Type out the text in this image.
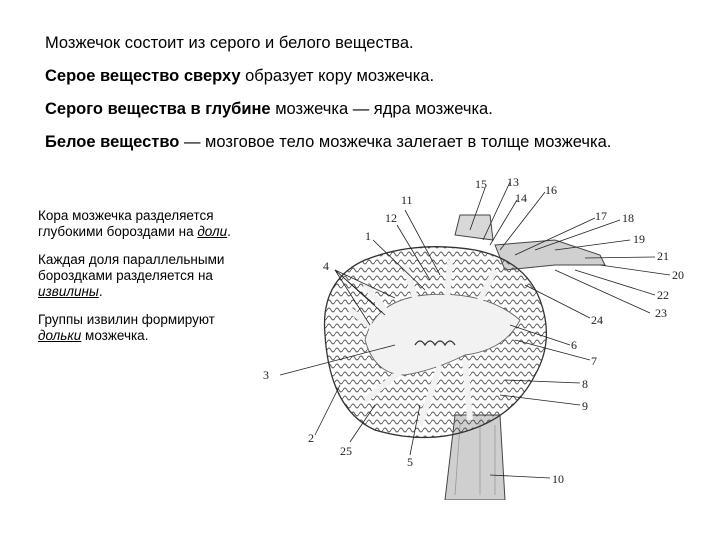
Мозжечок состоит из серого и белого вещества.
Серое вещество сверху образует кору мозжечка.
Серого вещества в глубине мозжечка — ядра мозжечка.
Белое вещество — мозговое тело мозжечка залегает в толще мозжечка.

Кора мозжечка разделяется глубокими бороздами на доли.

Каждая доля параллельными бороздками разделяется на извилины.

Группы извилин формируют дольки мозжечка.

1
2
3
4
5
6
7
8
9
10
11
12
13
14
15	16
17 18
19
20
21
22
23
24
25
